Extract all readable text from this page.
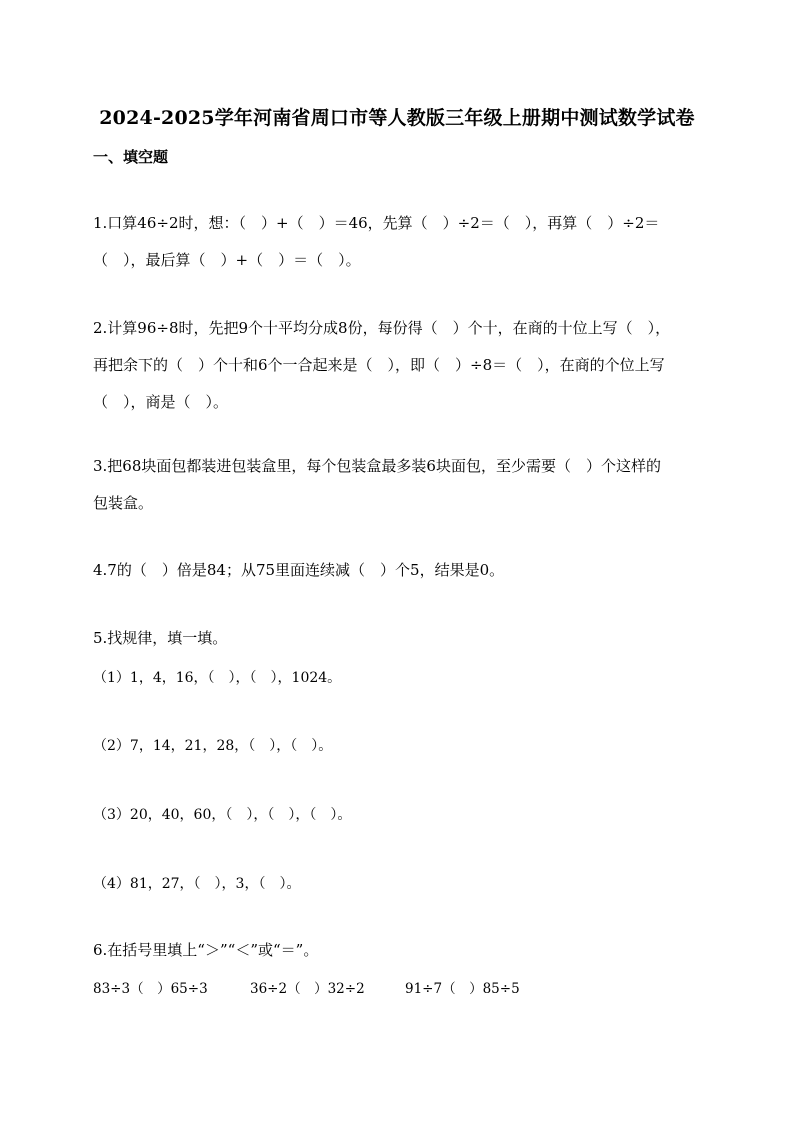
2024-2025学年河南省周口市等人教版三年级上册期中测试数学试卷
一、填空题
1.口算46÷2时，想：（　）+（　）＝46，先算（　）÷2＝（　），再算（　）÷2＝
（　），最后算（　）+（　）＝（　）。
2.计算96÷8时，先把9个十平均分成8份，每份得（　）个十，在商的十位上写（　），
再把余下的（　）个十和6个一合起来是（　），即（　）÷8＝（　），在商的个位上写
（　），商是（　）。
3.把68块面包都装进包装盒里，每个包装盒最多装6块面包，至少需要（　）个这样的
包装盒。
4.7的（　）倍是84；从75里面连续减（　）个5，结果是0。
5.找规律，填一填。
（1）1，4，16，（　），（　），1024。
（2）7，14，21，28，（　），（　）。
（3）20，40，60，（　），（　），（　）。
（4）81，27，（　），3，（　）。
6.在括号里填上“＞”“＜”或“＝”。
83÷3（　）65÷3	36÷2（　）32÷2	91÷7（　）85÷5
